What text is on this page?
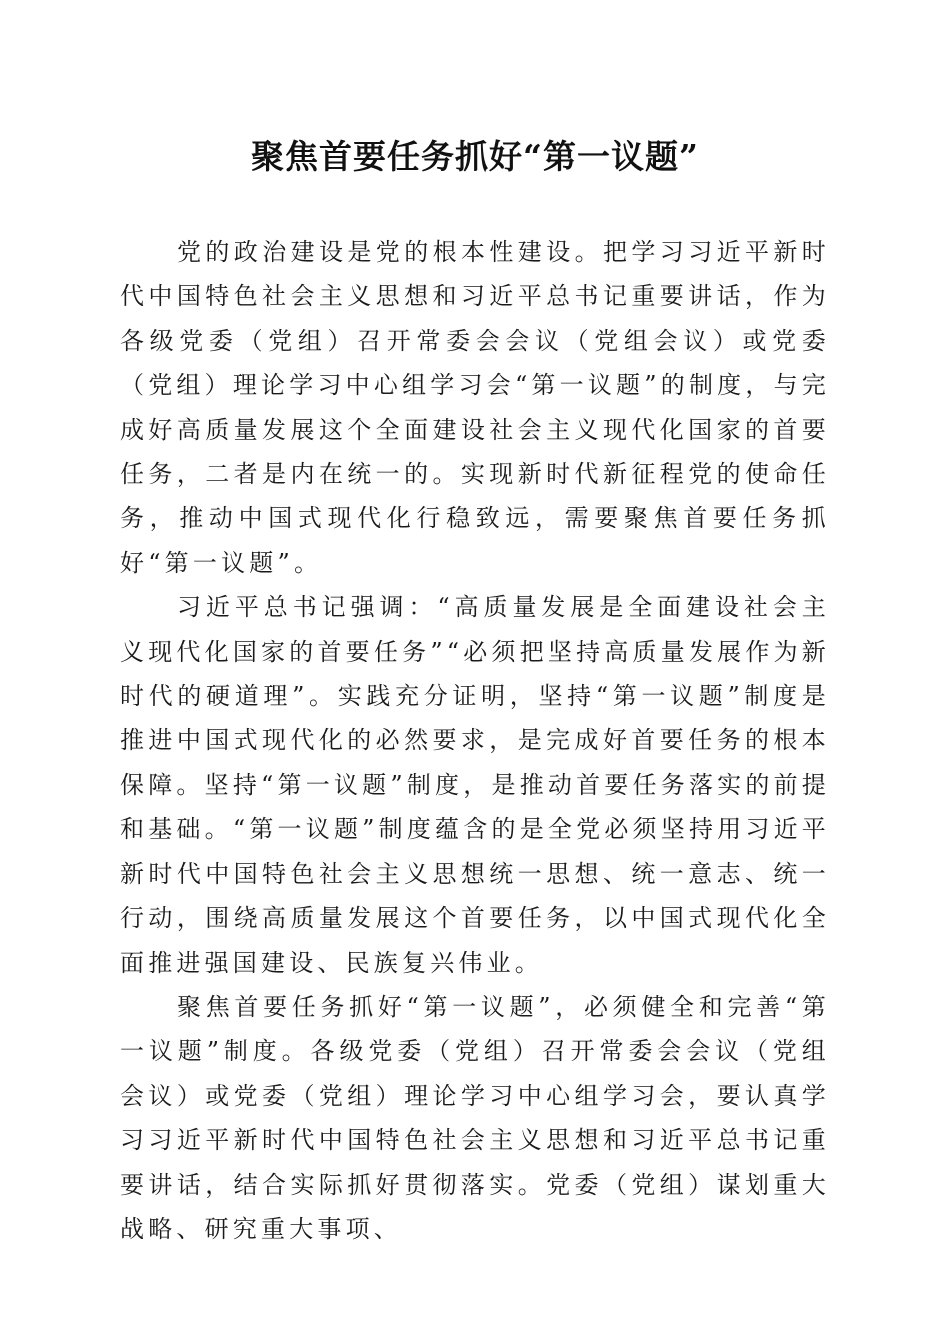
聚焦首要任务抓好“第一议题”

党的政治建设是党的根本性建设。把学习习近平新时代中国特色社会主义思想和习近平总书记重要讲话，作为各级党委（党组）召开常委会会议（党组会议）或党委（党组）理论学习中心组学习会“第一议题”的制度，与完成好高质量发展这个全面建设社会主义现代化国家的首要任务，二者是内在统一的。实现新时代新征程党的使命任务，推动中国式现代化行稳致远，需要聚焦首要任务抓好“第一议题”。

习近平总书记强调：“高质量发展是全面建设社会主义现代化国家的首要任务”“必须把坚持高质量发展作为新时代的硬道理”。实践充分证明，坚持“第一议题”制度是推进中国式现代化的必然要求，是完成好首要任务的根本保障。坚持“第一议题”制度，是推动首要任务落实的前提和基础。“第一议题”制度蕴含的是全党必须坚持用习近平新时代中国特色社会主义思想统一思想、统一意志、统一行动，围绕高质量发展这个首要任务，以中国式现代化全面推进强国建设、民族复兴伟业。

聚焦首要任务抓好“第一议题”，必须健全和完善“第一议题”制度。各级党委（党组）召开常委会会议（党组会议）或党委（党组）理论学习中心组学习会，要认真学习习近平新时代中国特色社会主义思想和习近平总书记重要讲话，结合实际抓好贯彻落实。党委（党组）谋划重大战略、研究重大事项、
